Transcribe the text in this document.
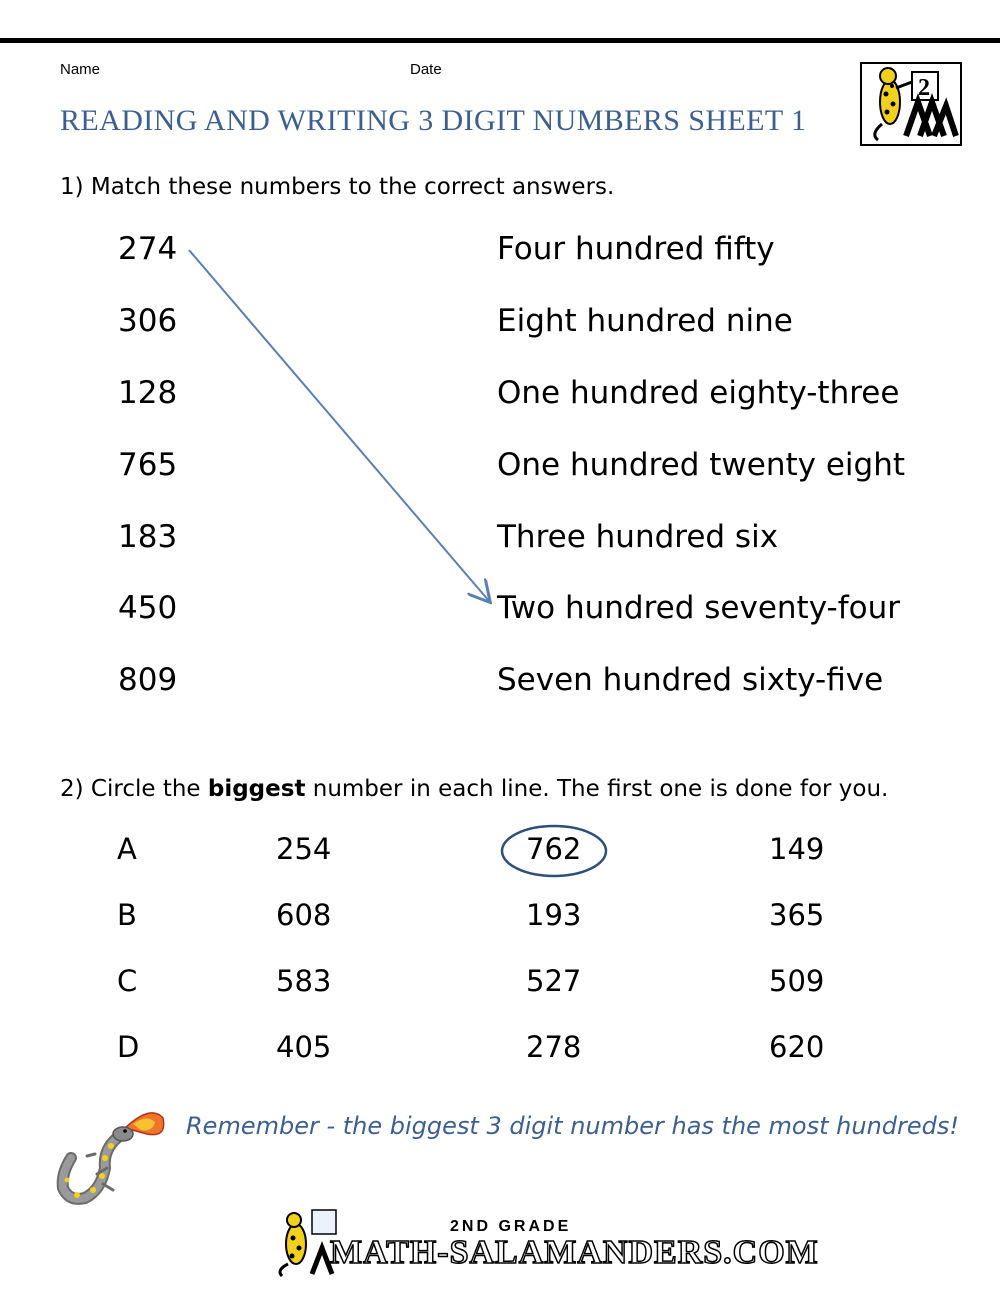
Name	Date
READING AND WRITING 3 DIGIT NUMBERS SHEET 1
2
1) Match these numbers to the correct answers.
274
306
128
765
183
450
809
Four hundred fifty
Eight hundred nine
One hundred eighty-three
One hundred twenty eight
Three hundred six
Two hundred seventy-four
Seven hundred sixty-five
2) Circle the biggest number in each line. The first one is done for you.
A	254	762	149
B	608	193	365
C	583	527	509
D	405	278	620
Remember - the biggest 3 digit number has the most hundreds!
2ND GRADE
MATH-SALAMANDERS.COM
